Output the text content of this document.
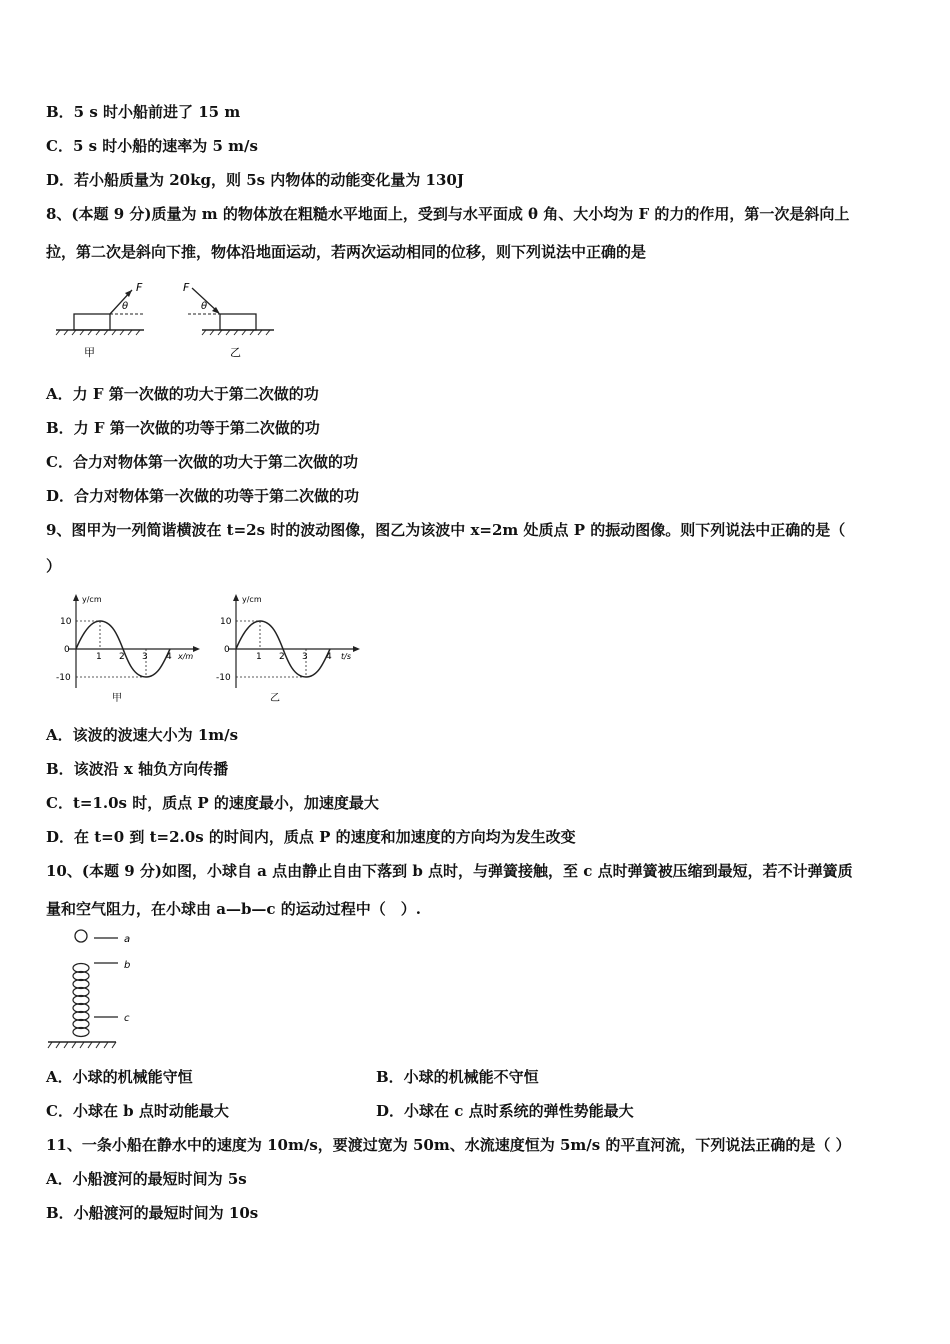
B．5 s 时小船前进了 15 m
C．5 s 时小船的速率为 5 m/s
D．若小船质量为 20kg，则 5s 内物体的动能变化量为 130J
8、(本题 9 分)质量为 m 的物体放在粗糙水平地面上，受到与水平面成 θ 角、大小均为 F 的力的作用，第一次是斜向上
拉，第二次是斜向下推，物体沿地面运动，若两次运动相同的位移，则下列说法中正确的是
F
θ
甲
F
θ
乙
A．力 F 第一次做的功大于第二次做的功
B．力 F 第一次做的功等于第二次做的功
C．合力对物体第一次做的功大于第二次做的功
D．合力对物体第一次做的功等于第二次做的功
9、图甲为一列简谐横波在 t=2s 时的波动图像，图乙为该波中 x=2m 处质点 P 的振动图像。则下列说法中正确的是（
）
y/cm
10
0
-10
1 2 3 4 x/m
甲
y/cm
10
0
-10
1 2 3 4 t/s
乙
A．该波的波速大小为 1m/s
B．该波沿 x 轴负方向传播
C．t=1.0s 时，质点 P 的速度最小，加速度最大
D．在 t=0 到 t=2.0s 的时间内，质点 P 的速度和加速度的方向均为发生改变
10、(本题 9 分)如图，小球自 a 点由静止自由下落到 b 点时，与弹簧接触，至 c 点时弹簧被压缩到最短，若不计弹簧质
量和空气阻力，在小球由 a—b—c 的运动过程中（　）.
a
b
c
A．小球的机械能守恒	B．小球的机械能不守恒
C．小球在 b 点时动能最大	D．小球在 c 点时系统的弹性势能最大
11、一条小船在静水中的速度为 10m/s，要渡过宽为 50m、水流速度恒为 5m/s 的平直河流，下列说法正确的是（ ）
A．小船渡河的最短时间为 5s
B．小船渡河的最短时间为 10s
